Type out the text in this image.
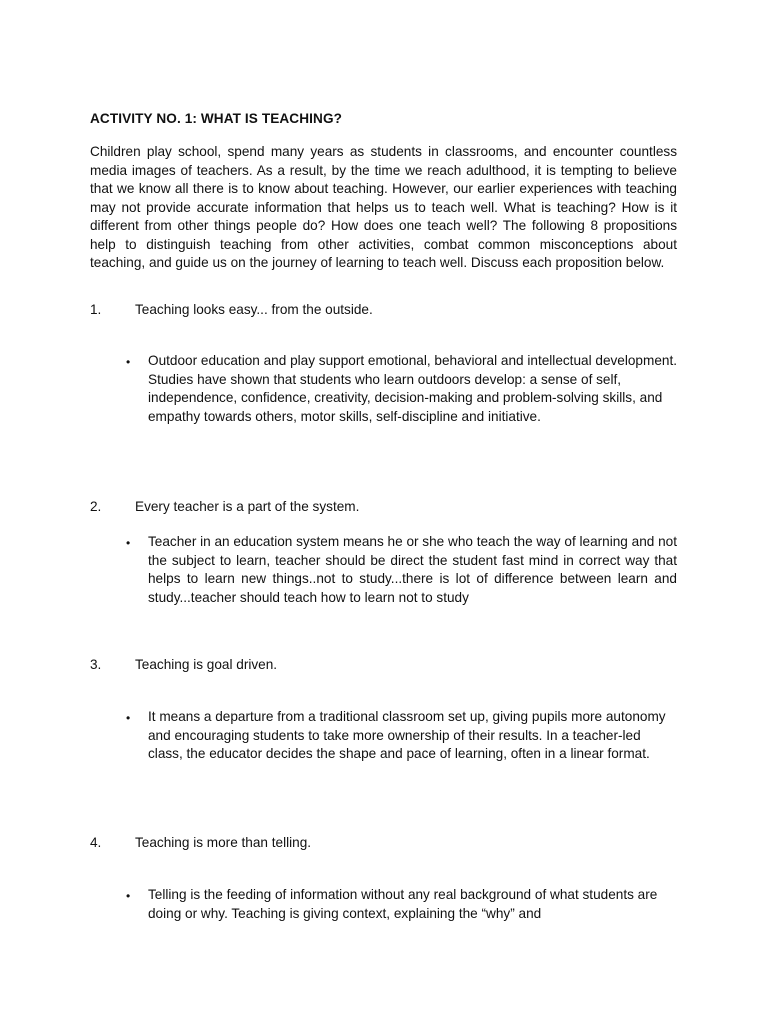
ACTIVITY NO. 1: WHAT IS TEACHING?

Children play school, spend many years as students in classrooms, and encounter countless media images of teachers. As a result, by the time we reach adulthood, it is tempting to believe that we know all there is to know about teaching. However, our earlier experiences with teaching may not provide accurate information that helps us to teach well. What is teaching? How is it different from other things people do? How does one teach well? The following 8 propositions help to distinguish teaching from other activities, combat common misconceptions about teaching, and guide us on the journey of learning to teach well. Discuss each proposition below.

1. Teaching looks easy... from the outside.
•	Outdoor education and play support emotional, behavioral and intellectual development. Studies have shown that students who learn outdoors develop: a sense of self, independence, confidence, creativity, decision-making and problem-solving skills, and empathy towards others, motor skills, self-discipline and initiative.

2. Every teacher is a part of the system.
•	Teacher in an education system means he or she who teach the way of learning and not the subject to learn, teacher should be direct the student fast mind in correct way that helps to learn new things..not to study...there is lot of difference between learn and study...teacher should teach how to learn not to study

3. Teaching is goal driven.
•	It means a departure from a traditional classroom set up, giving pupils more autonomy and encouraging students to take more ownership of their results. In a teacher-led class, the educator decides the shape and pace of learning, often in a linear format.

4. Teaching is more than telling.
•	Telling is the feeding of information without any real background of what students are doing or why. Teaching is giving context, explaining the “why” and
